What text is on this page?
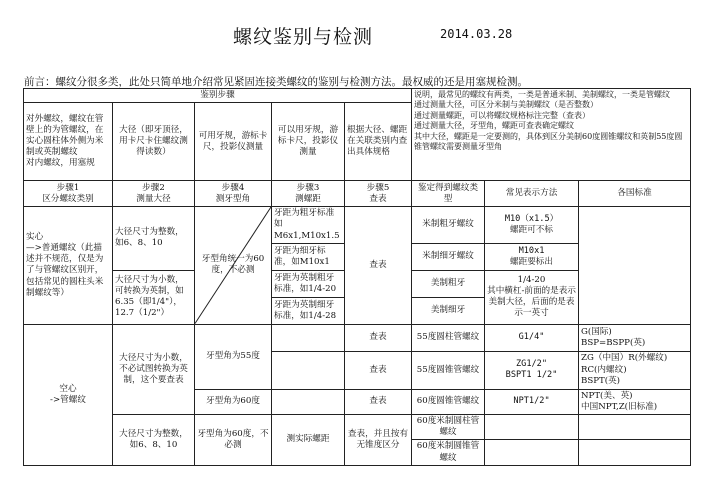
螺纹鉴别与检测	2014.03.28
前言：螺纹分很多类，此处只简单地介绍常见紧固连接类螺纹的鉴别与检测方法。最权威的还是用塞规检测。
鉴别步骤					说明，最常见的螺纹有两类，一类是普通米制、美制螺纹，一类是管螺纹
通过测量大径，可区分米制与美制螺纹（是否整数）
通过测量螺距，可以将螺纹规格标注完整（查表）
通过测量大径，牙型角，螺距可查表确定螺纹
其中大径，螺距是一定要测的，具体到区分美制60度圆锥螺纹和英制55度圆锥管螺纹需要测量牙型角		
对外螺纹，螺纹在管壁上的为管螺纹，在实心圆柱体外侧为米制或英制螺纹
对内螺纹，用塞规	大径（即牙顶径，用卡尺卡住螺纹测得读数）	可用牙规，游标卡尺，投影仪测量	可以用牙规，游标卡尺，投影仪测量	根据大径、螺距在关联类别内查出具体规格			
步骤1
区分螺纹类别	步骤2
测量大径	步骤4
测牙型角	步骤3
测螺距	步骤5
查表	鉴定得到螺纹类型	常见表示方法	各国标准
实心
—>普通螺纹（此描述并不规范，仅是为了与管螺纹区别开，包括常见的圆柱头米制螺纹等）	大径尺寸为整数，如6、8、10	牙型角统一为60度，不必测	牙距为粗牙标准如M6x1,M10x1.5	查表	米制粗牙螺纹	M10（x1.5）
螺距可不标	
			牙距为细牙标准，如M10x1		米制细牙螺纹	M10x1
螺距要标出	
	大径尺寸为小数，可转换为英制，如6.35（即1/4"），12.7（1/2"）		牙距为英制粗牙标准，如1/4-20		美制粗牙	1/4-20
其中横杠-前面的是表示美制大径，后面的是表示一英寸	
			牙距为英制细牙标准，如1/4-28		美制细牙		
空心
->管螺纹	大径尺寸为小数，不必试图转换为英制，这个要查表	牙型角为55度		查表	55度圆柱管螺纹	G1/4"	G(国际)
BSP=BSPP(英)
				查表	55度圆锥管螺纹	ZG1/2"
BSPT1 1/2"	ZG（中国）R(外螺纹)
RC(内螺纹)
BSPT(英)
		牙型角为60度		查表	60度圆锥管螺纹	NPT1/2"	NPT(美、英)
中国NPT,Z(旧标准)
	大径尺寸为整数，如6、8、10	牙型角为60度，不必测	测实际螺距	查表，并且按有无锥度区分	60度米制圆柱管螺纹		
					60度米制圆锥管螺纹		
